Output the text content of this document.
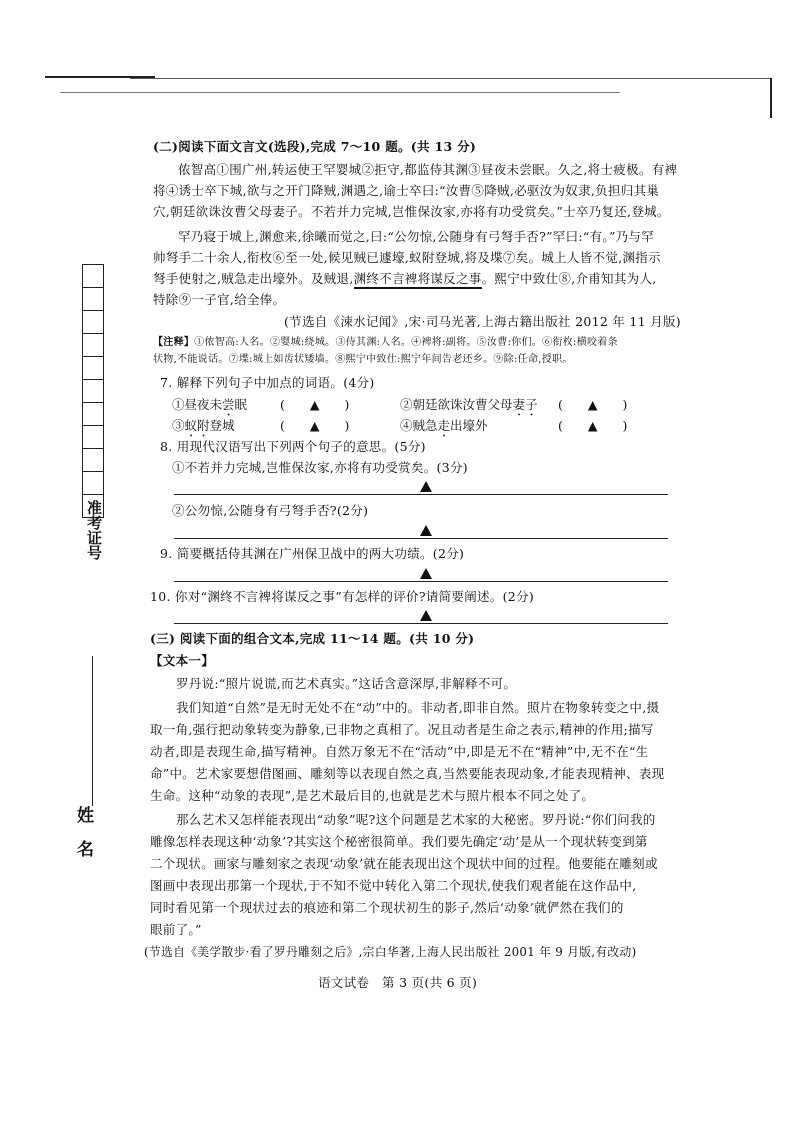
准考证号
姓　名
(二)阅读下面文言文(选段),完成 7～10 题。(共 13 分)
侬智高①围广州,转运使王罕婴城②拒守,都监侍其渊③昼夜未尝眠。久之,将士疲极。有裨
将④诱士卒下城,欲与之开门降贼,渊遇之,谕士卒曰:“汝曹⑤降贼,必驱汝为奴隶,负担归其巢
穴,朝廷欲诛汝曹父母妻子。不若并力完城,岂惟保汝家,亦将有功受赏矣。”士卒乃复还,登城。
罕乃寝于城上,渊愈来,徐曦而觉之,曰:“公勿惊,公随身有弓弩手否?”罕曰:“有。”乃与罕
帅弩手二十余人,衔枚⑥至一处,候见贼已遽壕,蚁附登城,将及堞⑦矣。城上人皆不觉,渊指示
弩手使射之,贼急走出壕外。及贼退,渊终不言裨将谋反之事。熙宁中致仕⑧,介甫知其为人,
特除⑨一子官,给全俸。
(节选自《涑水记闻》,宋·司马光著,上海古籍出版社 2012 年 11 月版)
【注释】①侬智高:人名。②婴城:绕城。③侍其渊:人名。④裨将:副将。⑤汝曹:你们。⑥衔枚:横咬着条
状物,不能说话。⑦堞:城上如齿状矮墙。⑧熙宁中致仕:熙宁年间告老还乡。⑨除:任命,授职。
7. 解释下列句子中加点的词语。(4分)
①昼夜未尝眠	(   ▲   )	②朝廷欲诛汝曹父母妻子 (   ▲   )
③蚁附登城	(   ▲   )	④贼急走出壕外	(   ▲   )
8. 用现代汉语写出下列两个句子的意思。(5分)
①不若并力完城,岂惟保汝家,亦将有功受赏矣。(3分)
②公勿惊,公随身有弓弩手否?(2分)
9. 简要概括侍其渊在广州保卫战中的两大功绩。(2分)
10. 你对“渊终不言裨将谋反之事”有怎样的评价?请简要阐述。(2分)
(三) 阅读下面的组合文本,完成 11～14 题。(共 10 分)
【文本一】
罗丹说:“照片说谎,而艺术真实。”这话含意深厚,非解释不可。
我们知道“自然”是无时无处不在“动”中的。非动者,即非自然。照片在物象转变之中,摄
取一角,强行把动象转变为静象,已非物之真相了。况且动者是生命之表示,精神的作用;描写
动者,即是表现生命,描写精神。自然万象无不在“活动”中,即是无不在“精神”中,无不在“生
命”中。艺术家要想借图画、雕刻等以表现自然之真,当然要能表现动象,才能表现精神、表现
生命。这种“动象的表现”,是艺术最后目的,也就是艺术与照片根本不同之处了。
那么艺术又怎样能表现出“动象”呢?这个问题是艺术家的大秘密。罗丹说:“你们问我的
雕像怎样表现这种‘动象’?其实这个秘密很简单。我们要先确定‘动’是从一个现状转变到第
二个现状。画家与雕刻家之表现‘动象’就在能表现出这个现状中间的过程。他要能在雕刻或
图画中表现出那第一个现状,于不知不觉中转化入第二个现状,使我们观者能在这作品中,
同时看见第一个现状过去的痕迹和第二个现状初生的影子,然后‘动象’就俨然在我们的
眼前了。”
(节选自《美学散步·看了罗丹雕刻之后》,宗白华著,上海人民出版社 2001 年 9 月版,有改动)
语文试卷　第 3 页(共 6 页)
